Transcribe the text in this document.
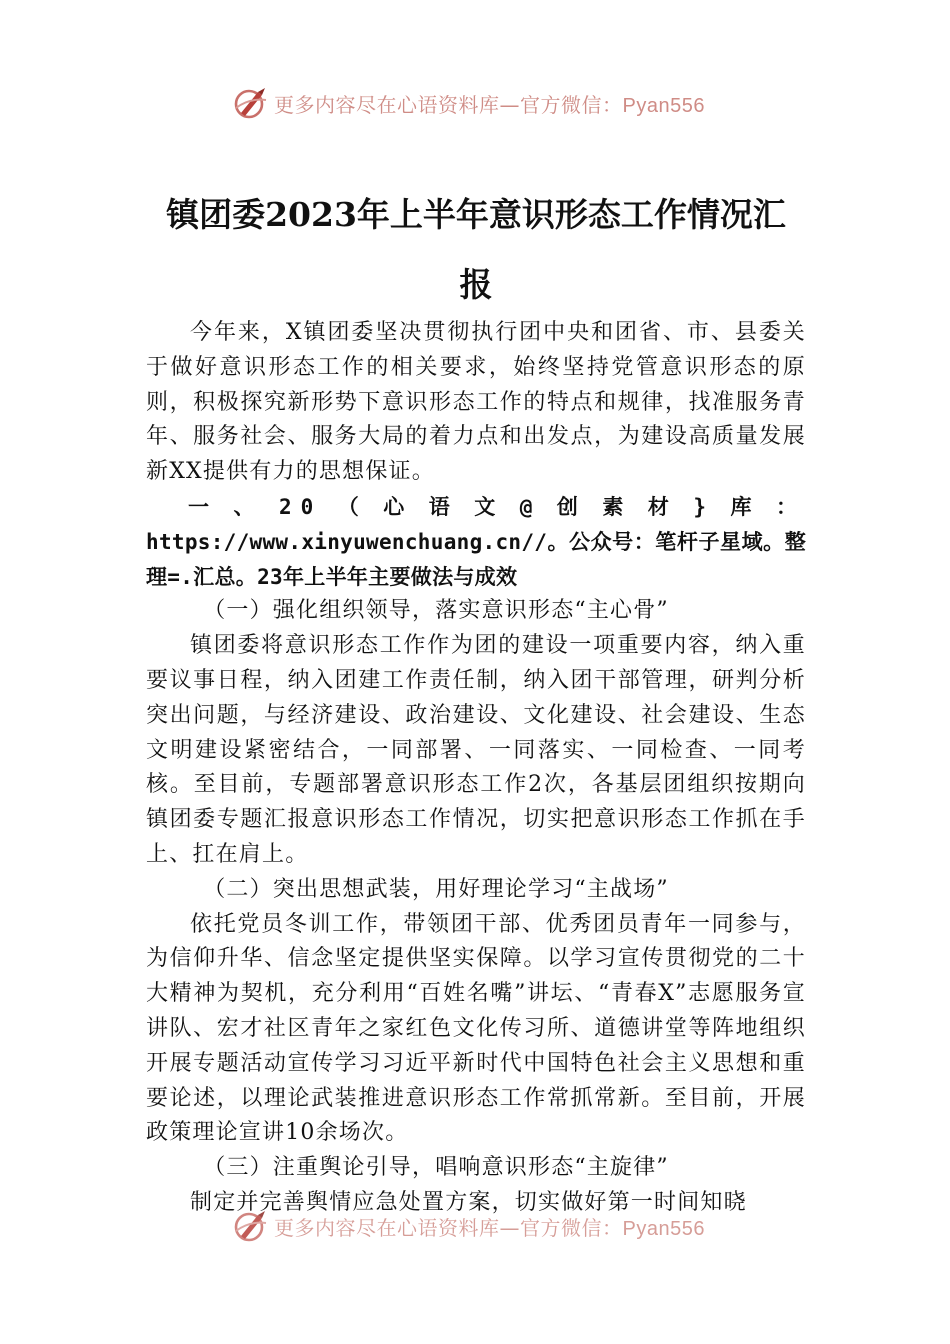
更多内容尽在心语资料库—官方微信：Pyan556
镇团委2023年上半年意识形态工作情况汇
报

今年来，X镇团委坚决贯彻执行团中央和团省、市、县委关于做好意识形态工作的相关要求，始终坚持党管意识形态的原则，积极探究新形势下意识形态工作的特点和规律，找准服务青年、服务社会、服务大局的着力点和出发点，为建设高质量发展新XX提供有力的思想保证。

一、20（心语文@创素材}库：https://www.xinyuwenchuang.cn//。公众号：笔杆子星域。整理=.汇总。23年上半年主要做法与成效

（一）强化组织领导，落实意识形态“主心骨”

镇团委将意识形态工作作为团的建设一项重要内容，纳入重要议事日程，纳入团建工作责任制，纳入团干部管理，研判分析突出问题，与经济建设、政治建设、文化建设、社会建设、生态文明建设紧密结合，一同部署、一同落实、一同检查、一同考核。至目前，专题部署意识形态工作2次，各基层团组织按期向镇团委专题汇报意识形态工作情况，切实把意识形态工作抓在手上、扛在肩上。

（二）突出思想武装，用好理论学习“主战场”

依托党员冬训工作，带领团干部、优秀团员青年一同参与，为信仰升华、信念坚定提供坚实保障。以学习宣传贯彻党的二十大精神为契机，充分利用“百姓名嘴”讲坛、“青春X”志愿服务宣讲队、宏才社区青年之家红色文化传习所、道德讲堂等阵地组织开展专题活动宣传学习习近平新时代中国特色社会主义思想和重要论述，以理论武装推进意识形态工作常抓常新。至目前，开展政策理论宣讲10余场次。

（三）注重舆论引导，唱响意识形态“主旋律”

制定并完善舆情应急处置方案，切实做好第一时间知晓

更多内容尽在心语资料库—官方微信：Pyan556
